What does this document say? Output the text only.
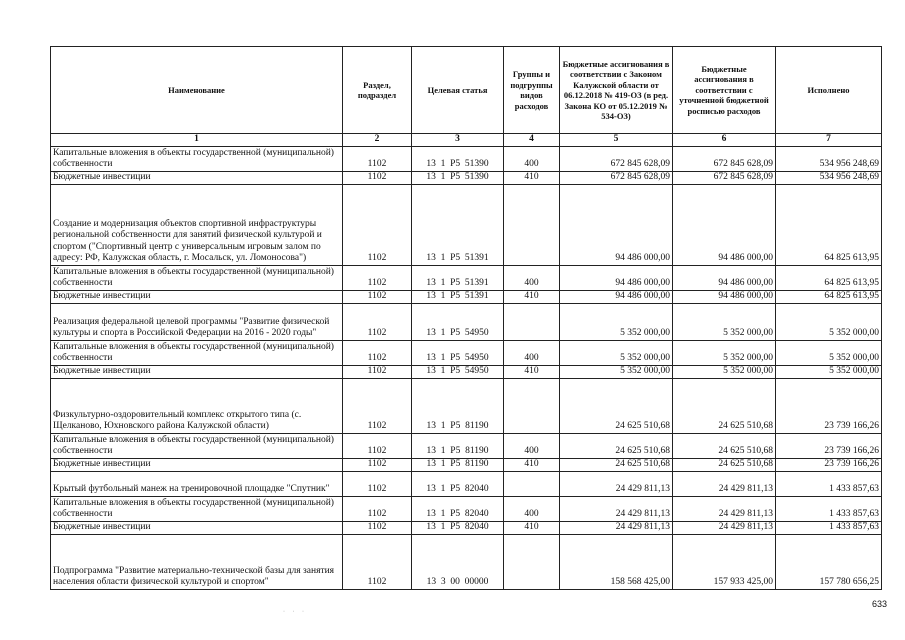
Наименование	Раздел, подраздел	Целевая статья	Группы и подгруппы видов расходов	Бюджетные ассигнования в соответствии с Законом Калужской области от 06.12.2018 № 419-ОЗ (в ред. Закона КО от 05.12.2019 № 534-ОЗ)	Бюджетные ассигнования в соответствии с уточненной бюджетной росписью расходов	Исполнено
1	2	3	4	5	6	7
Капитальные вложения в объекты государственной (муниципальной) собственности	1102	13  1  P5  51390	400	672 845 628,09	672 845 628,09	534 956 248,69
Бюджетные инвестиции	1102	13  1  P5  51390	410	672 845 628,09	672 845 628,09	534 956 248,69
Создание и модернизация объектов спортивной инфраструктуры региональной собственности для занятий физической культурой и спортом ("Спортивный центр с универсальным игровым залом по адресу: РФ, Калужская область, г. Мосальск, ул. Ломоносова")	1102	13  1  P5  51391		94 486 000,00	94 486 000,00	64 825 613,95
Капитальные вложения в объекты государственной (муниципальной) собственности	1102	13  1  P5  51391	400	94 486 000,00	94 486 000,00	64 825 613,95
Бюджетные инвестиции	1102	13  1  P5  51391	410	94 486 000,00	94 486 000,00	64 825 613,95
Реализация федеральной целевой программы "Развитие физической культуры и спорта в Российской Федерации на 2016 - 2020 годы"	1102	13  1  P5  54950		5 352 000,00	5 352 000,00	5 352 000,00
Капитальные вложения в объекты государственной (муниципальной) собственности	1102	13  1  P5  54950	400	5 352 000,00	5 352 000,00	5 352 000,00
Бюджетные инвестиции	1102	13  1  P5  54950	410	5 352 000,00	5 352 000,00	5 352 000,00
Физкультурно-оздоровительный комплекс открытого типа (с. Щелканово, Юхновского района Калужской области)	1102	13  1  P5  81190		24 625 510,68	24 625 510,68	23 739 166,26
Капитальные вложения в объекты государственной (муниципальной) собственности	1102	13  1  P5  81190	400	24 625 510,68	24 625 510,68	23 739 166,26
Бюджетные инвестиции	1102	13  1  P5  81190	410	24 625 510,68	24 625 510,68	23 739 166,26
Крытый футбольный манеж на тренировочной площадке "Спутник"	1102	13  1  P5  82040		24 429 811,13	24 429 811,13	1 433 857,63
Капитальные вложения в объекты государственной (муниципальной) собственности	1102	13  1  P5  82040	400	24 429 811,13	24 429 811,13	1 433 857,63
Бюджетные инвестиции	1102	13  1  P5  82040	410	24 429 811,13	24 429 811,13	1 433 857,63
Подпрограмма "Развитие материально-технической базы для занятия населения области физической культурой и спортом"	1102	13  3  00  00000		158 568 425,00	157 933 425,00	157 780 656,25
· · ·
633
